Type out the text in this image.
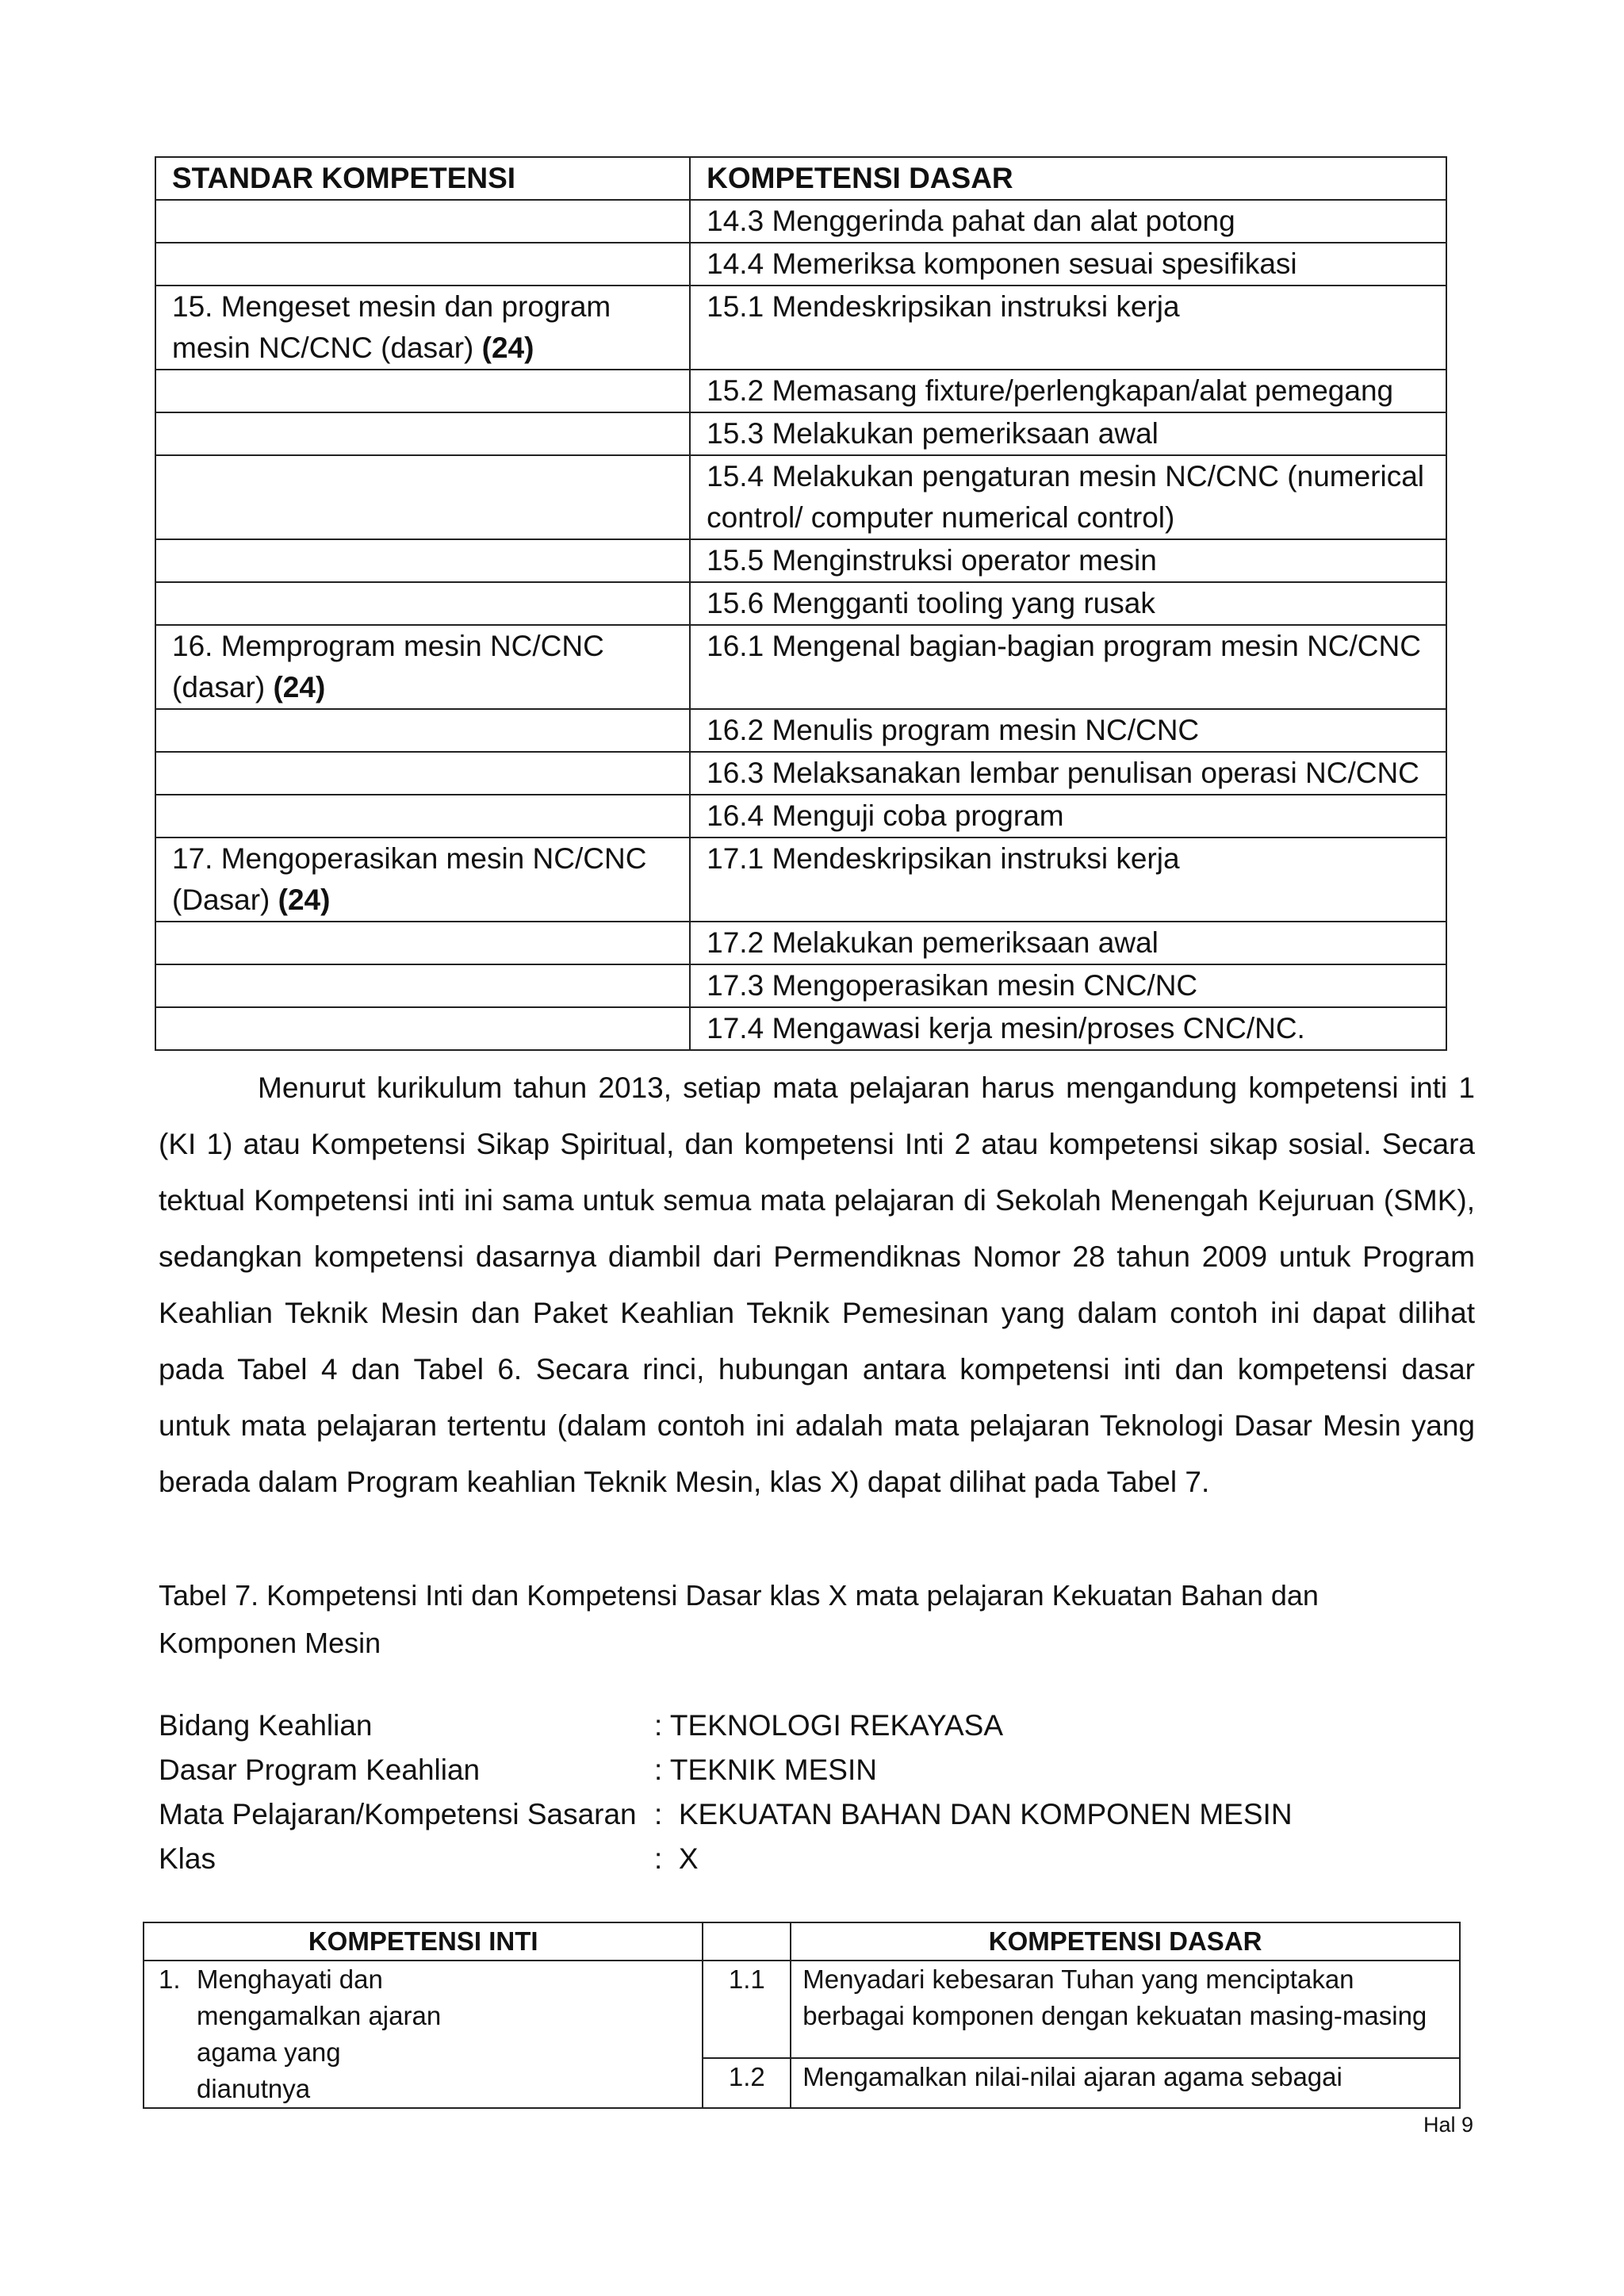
STANDAR KOMPETENSI	KOMPETENSI DASAR
	14.3 Menggerinda pahat dan alat potong
	14.4 Memeriksa komponen sesuai spesifikasi
15. Mengeset mesin dan program mesin NC/CNC (dasar) (24)	15.1 Mendeskripsikan instruksi kerja
	15.2 Memasang fixture/perlengkapan/alat pemegang
	15.3 Melakukan pemeriksaan awal
	15.4 Melakukan pengaturan mesin NC/CNC (numerical control/ computer numerical control)
	15.5 Menginstruksi operator mesin
	15.6 Mengganti tooling yang rusak
16. Memprogram mesin NC/CNC (dasar) (24)	16.1 Mengenal bagian-bagian program mesin NC/CNC
	16.2 Menulis program mesin NC/CNC
	16.3 Melaksanakan lembar penulisan operasi NC/CNC
	16.4 Menguji coba program
17. Mengoperasikan mesin NC/CNC (Dasar) (24)	17.1 Mendeskripsikan instruksi kerja
	17.2 Melakukan pemeriksaan awal
	17.3 Mengoperasikan mesin CNC/NC
	17.4 Mengawasi kerja mesin/proses CNC/NC.

Menurut kurikulum tahun 2013, setiap mata pelajaran harus mengandung kompetensi inti 1 (KI 1) atau Kompetensi Sikap Spiritual, dan kompetensi Inti 2 atau kompetensi sikap sosial. Secara tektual Kompetensi inti ini sama untuk semua mata pelajaran di Sekolah Menengah Kejuruan (SMK), sedangkan kompetensi dasarnya diambil dari Permendiknas Nomor 28 tahun 2009 untuk Program Keahlian Teknik Mesin dan Paket Keahlian Teknik Pemesinan yang dalam contoh ini dapat dilihat pada Tabel 4 dan Tabel 6. Secara rinci, hubungan antara kompetensi inti dan kompetensi dasar untuk mata pelajaran tertentu (dalam contoh ini adalah mata pelajaran Teknologi Dasar Mesin yang berada dalam Program keahlian Teknik Mesin, klas X) dapat dilihat pada Tabel 7.

Tabel 7. Kompetensi Inti dan Kompetensi Dasar klas X mata pelajaran Kekuatan Bahan dan Komponen Mesin

Bidang Keahlian	: TEKNOLOGI REKAYASA
Dasar Program Keahlian	: TEKNIK MESIN
Mata Pelajaran/Kompetensi Sasaran :  KEKUATAN BAHAN DAN KOMPONEN MESIN
Klas	:  X
KOMPETENSI INTI		KOMPETENSI DASAR

1. Menghayati dan mengamalkan ajaran agama yang dianutnya	1.1	Menyadari kebesaran Tuhan yang menciptakan berbagai komponen dengan kekuatan masing-masing
	1.2	Mengamalkan nilai-nilai ajaran agama sebagai
Hal 9
